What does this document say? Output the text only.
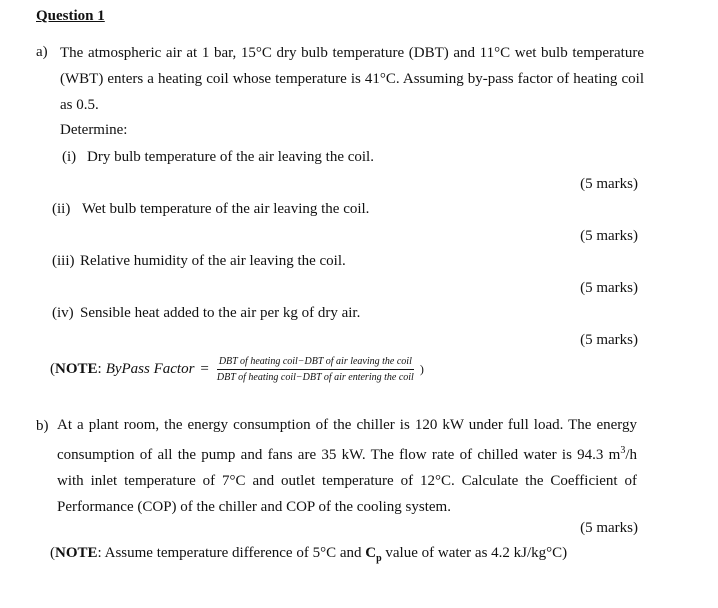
Question 1
a) The atmospheric air at 1 bar, 15°C dry bulb temperature (DBT) and 11°C wet bulb temperature (WBT) enters a heating coil whose temperature is 41°C. Assuming by-pass factor of heating coil as 0.5.
Determine:
(i) Dry bulb temperature of the air leaving the coil.
(5 marks)
(ii) Wet bulb temperature of the air leaving the coil.
(5 marks)
(iii) Relative humidity of the air leaving the coil.
(5 marks)
(iv) Sensible heat added to the air per kg of dry air.
(5 marks)
( NOTE : ByPass Factor = $\frac{\text{DBT of heating coil−DBT of air leaving the coil}}{\text{DBT of heating coil−DBT of air entering the coil}}$ )
b) At a plant room, the energy consumption of the chiller is 120 kW under full load. The energy consumption of all the pump and fans are 35 kW. The flow rate of chilled water is 94.3 $m^3/h$ with inlet temperature of 7°C and outlet temperature of 12°C. Calculate the Coefficient of Performance (COP) of the chiller and COP of the cooling system.
(5 marks)
(NOTE: Assume temperature difference of 5°C and $C_p$ value of water as 4.2 kJ/kg°C)
